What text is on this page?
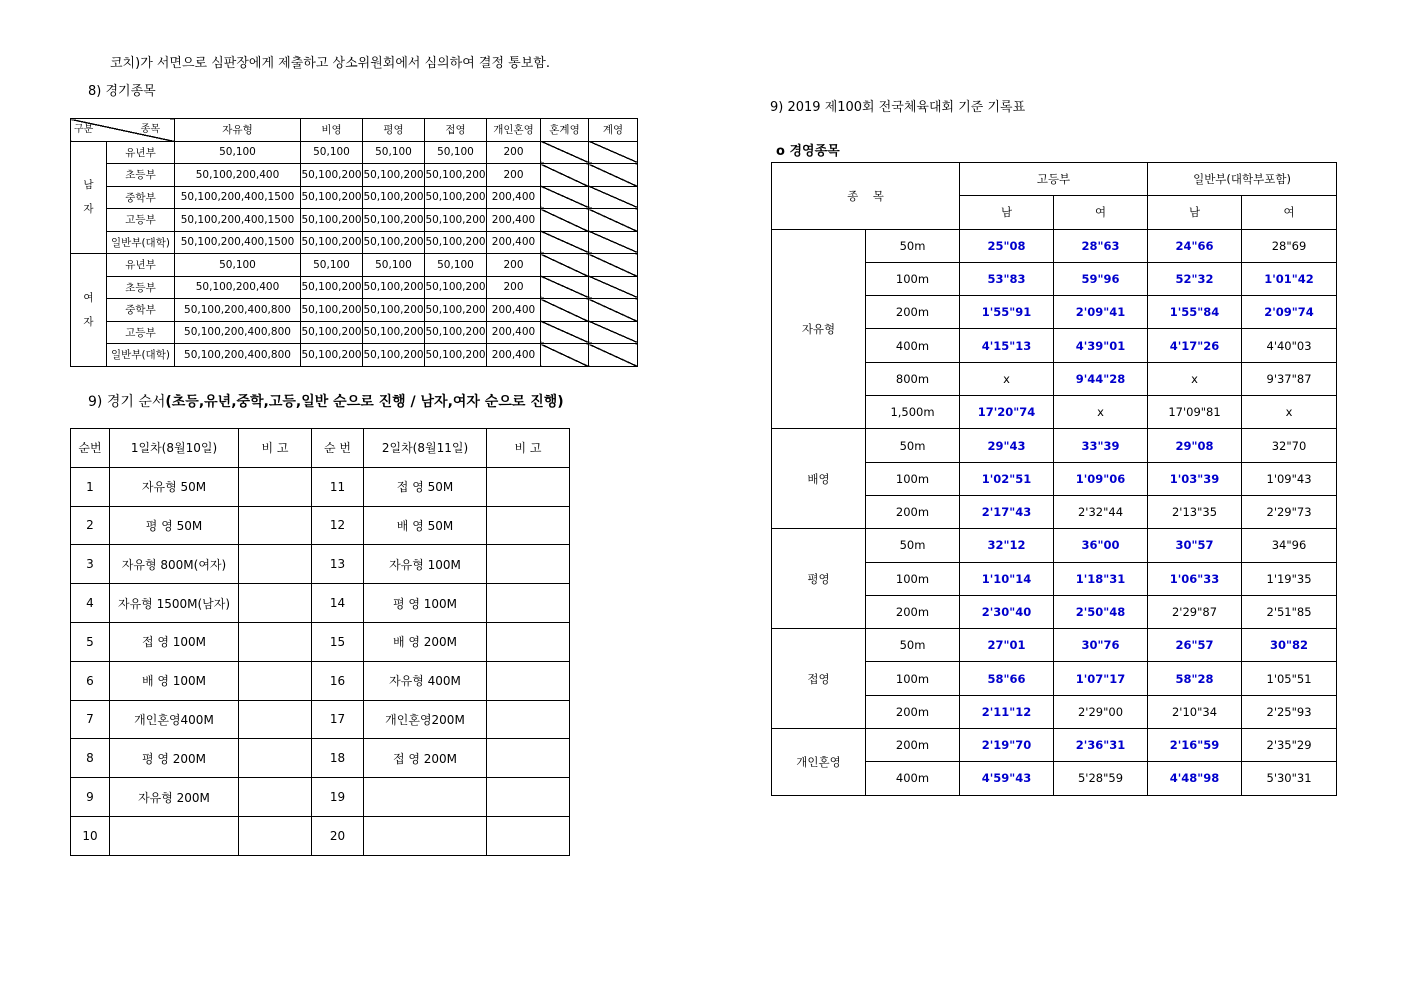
코치)가 서면으로 심판장에게 제출하고 상소위원회에서 심의하여 결정 통보함.
8) 경기종목
구분 종목		자유형	비영	평영	접영	개인혼영	혼계영	계영

남
자	유년부	50,100	50,100	50,100	50,100	200		
	초등부	50,100,200,400	50,100,200	50,100,200	50,100,200	200		
	중학부	50,100,200,400,1500	50,100,200	50,100,200	50,100,200	200,400		
	고등부	50,100,200,400,1500	50,100,200	50,100,200	50,100,200	200,400		
	일반부(대학)	50,100,200,400,1500	50,100,200	50,100,200	50,100,200	200,400		

여
자	유년부	50,100	50,100	50,100	50,100	200		
	초등부	50,100,200,400	50,100,200	50,100,200	50,100,200	200		
	중학부	50,100,200,400,800	50,100,200	50,100,200	50,100,200	200,400		
	고등부	50,100,200,400,800	50,100,200	50,100,200	50,100,200	200,400		
	일반부(대학)	50,100,200,400,800	50,100,200	50,100,200	50,100,200	200,400		
9) 경기 순서(초등,유년,중학,고등,일반 순으로 진행 / 남자,여자 순으로 진행)
순번	1일차(8월10일)	비 고	순 번	2일차(8월11일)	비 고
1	자유형 50M		11	접 영 50M	
2	평 영 50M		12	배 영 50M	
3	자유형 800M(여자)		13	자유형 100M	
4	자유형 1500M(남자)		14	평 영 100M	
5	접 영 100M		15	배 영 200M	
6	배 영 100M		16	자유형 400M	
7	개인혼영400M		17	개인혼영200M	
8	평 영 200M		18	접 영 200M	
9	자유형 200M		19		
10			20		
9) 2019 제100회 전국체육대회 기준 기록표
o 경영종목
종    목		고등부		일반부(대학부포함)	
		남	여	남	여
자유형	50m	25"08	28"63	24"66	28"69
	100m	53"83	59"96	52"32	1'01"42
	200m	1'55"91	2'09"41	1'55"84	2'09"74
	400m	4'15"13	4'39"01	4'17"26	4'40"03
	800m	x	9'44"28	x	9'37"87
	1,500m	17'20"74	x	17'09"81	x
배영	50m	29"43	33"39	29"08	32"70
	100m	1'02"51	1'09"06	1'03"39	1'09"43
	200m	2'17"43	2'32"44	2'13"35	2'29"73
평영	50m	32"12	36"00	30"57	34"96
	100m	1'10"14	1'18"31	1'06"33	1'19"35
	200m	2'30"40	2'50"48	2'29"87	2'51"85
접영	50m	27"01	30"76	26"57	30"82
	100m	58"66	1'07"17	58"28	1'05"51
	200m	2'11"12	2'29"00	2'10"34	2'25"93
개인혼영	200m	2'19"70	2'36"31	2'16"59	2'35"29
	400m	4'59"43	5'28"59	4'48"98	5'30"31
